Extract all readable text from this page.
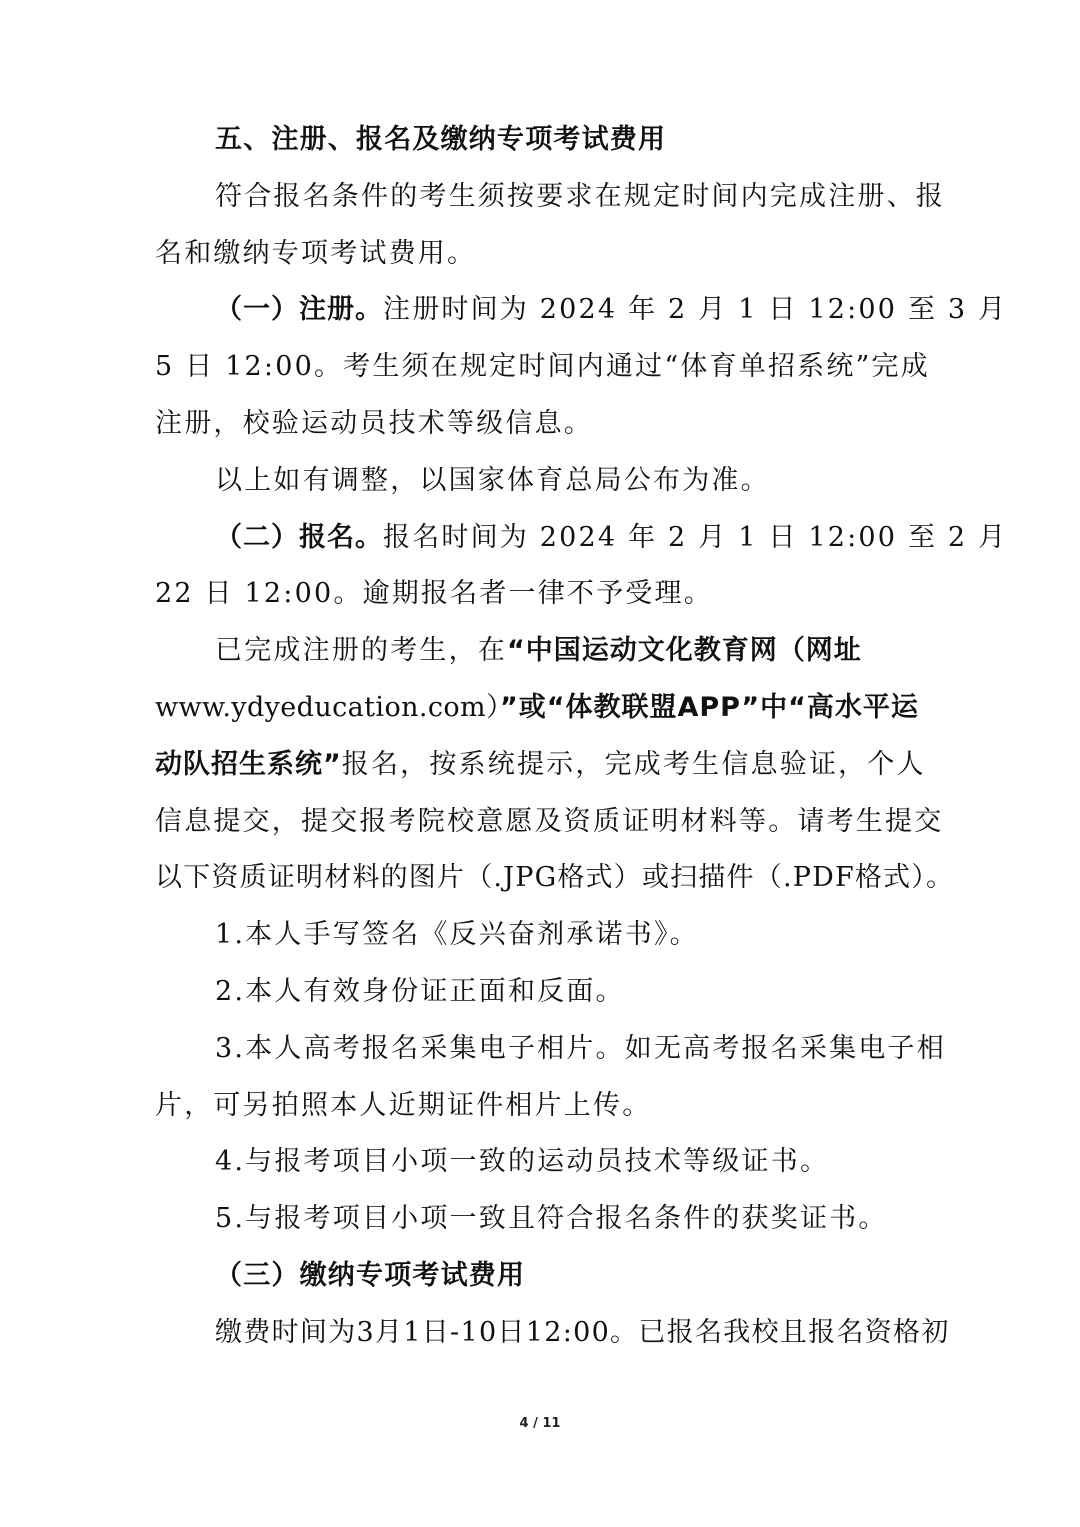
五、注册、报名及缴纳专项考试费用
符合报名条件的考生须按要求在规定时间内完成注册、报
名和缴纳专项考试费用。
（一）注册。注册时间为 2024 年 2 月 1 日 12:00 至 3 月
5 日 12:00。考生须在规定时间内通过“体育单招系统”完成
注册，校验运动员技术等级信息。
以上如有调整，以国家体育总局公布为准。
（二）报名。报名时间为 2024 年 2 月 1 日 12:00 至 2 月
22 日 12:00。逾期报名者一律不予受理。
已完成注册的考生，在“中国运动文化教育网（网址
www.ydyeducation.com）”或“体教联盟APP”中“高水平运
动队招生系统”报名，按系统提示，完成考生信息验证，个人
信息提交，提交报考院校意愿及资质证明材料等。请考生提交
以下资质证明材料的图片（.JPG格式）或扫描件（.PDF格式）。
1.本人手写签名《反兴奋剂承诺书》。
2.本人有效身份证正面和反面。
3.本人高考报名采集电子相片。如无高考报名采集电子相
片，可另拍照本人近期证件相片上传。
4.与报考项目小项一致的运动员技术等级证书。
5.与报考项目小项一致且符合报名条件的获奖证书。
（三）缴纳专项考试费用
缴费时间为3月1日-10日12:00。已报名我校且报名资格初
4 / 11
